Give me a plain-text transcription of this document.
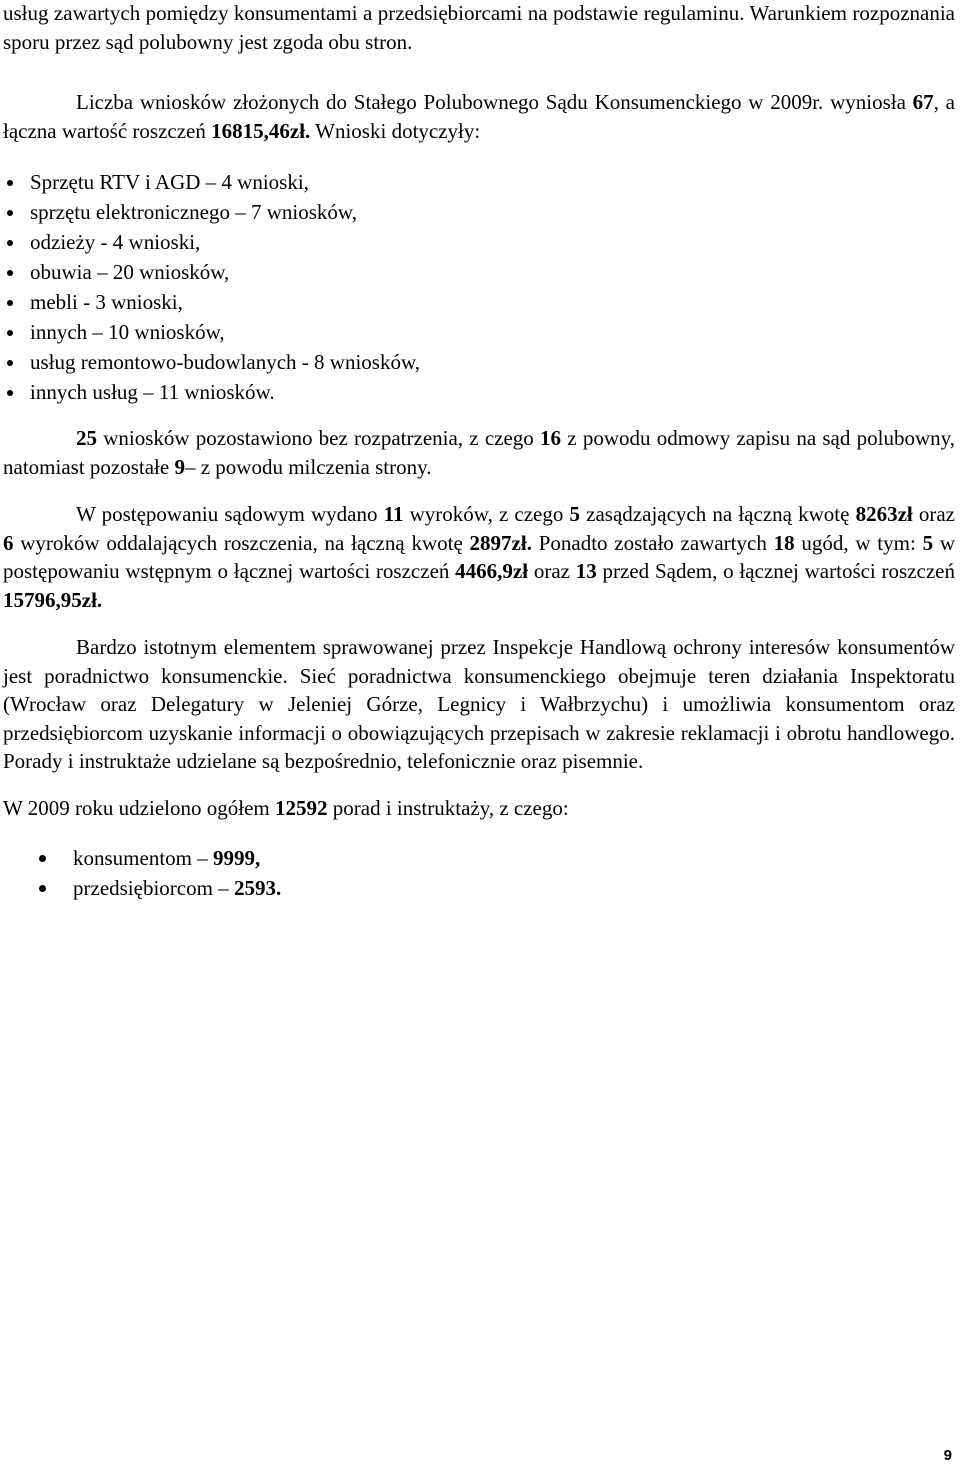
usług zawartych pomiędzy konsumentami a przedsiębiorcami na podstawie regulaminu. Warunkiem rozpoznania sporu przez sąd polubowny jest zgoda obu stron.

Liczba wniosków złożonych do Stałego Polubownego Sądu Konsumenckiego w 2009r. wyniosła 67, a łączna wartość roszczeń 16815,46zł. Wnioski dotyczyły:

Sprzętu RTV i AGD – 4 wnioski,
sprzętu elektronicznego – 7 wniosków,
odzieży - 4 wnioski,
obuwia – 20 wniosków,
mebli - 3 wnioski,
innych – 10 wniosków,
usług remontowo-budowlanych - 8 wniosków,
innych usług – 11 wniosków.

25 wniosków pozostawiono bez rozpatrzenia, z czego 16 z powodu odmowy zapisu na sąd polubowny, natomiast pozostałe 9– z powodu milczenia strony.

W postępowaniu sądowym wydano 11 wyroków, z czego 5 zasądzających na łączną kwotę 8263zł oraz 6 wyroków oddalających roszczenia, na łączną kwotę 2897zł. Ponadto zostało zawartych 18 ugód, w tym: 5 w postępowaniu wstępnym o łącznej wartości roszczeń 4466,9zł oraz 13 przed Sądem, o łącznej wartości roszczeń 15796,95zł.

Bardzo istotnym elementem sprawowanej przez Inspekcje Handlową ochrony interesów konsumentów jest poradnictwo konsumenckie. Sieć poradnictwa konsumenckiego obejmuje teren działania Inspektoratu (Wrocław oraz Delegatury w Jeleniej Górze, Legnicy i Wałbrzychu) i umożliwia konsumentom oraz przedsiębiorcom uzyskanie informacji o obowiązujących przepisach w zakresie reklamacji i obrotu handlowego. Porady i instruktaże udzielane są bezpośrednio, telefonicznie oraz pisemnie.

W 2009 roku udzielono ogółem 12592 porad i instruktaży, z czego:

konsumentom – 9999,
przedsiębiorcom – 2593.
9
